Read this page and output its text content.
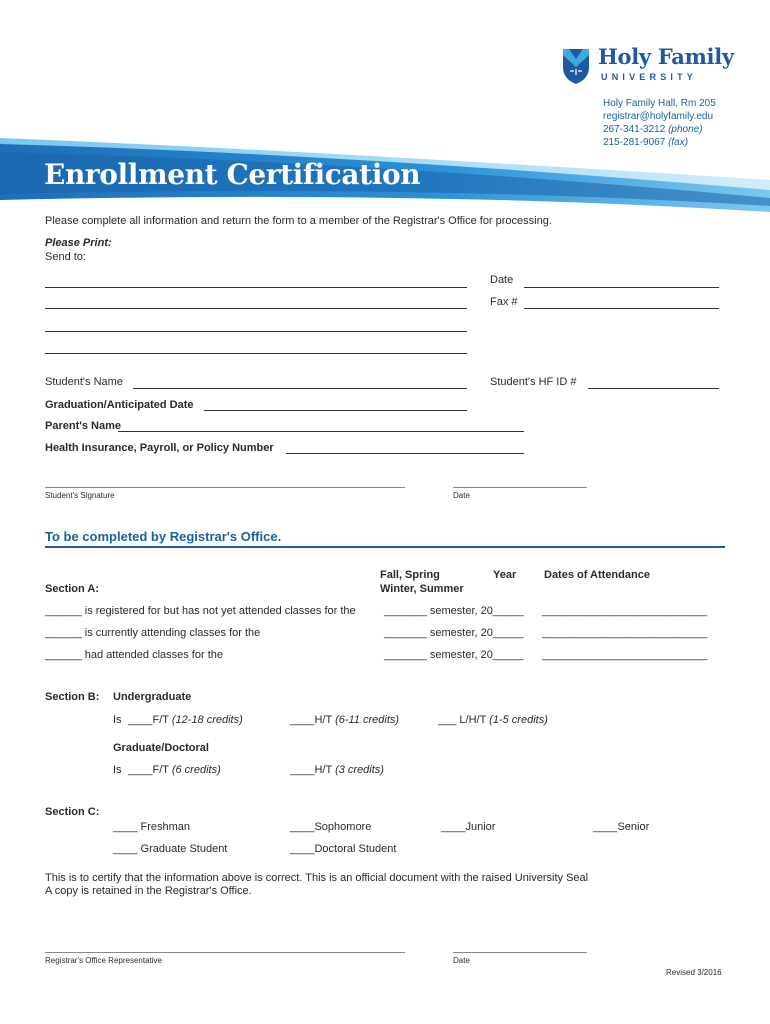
Holy Family
UNIVERSITY
Holy Family Hall, Rm 205
registrar@holyfamily.edu
267-341-3212 (phone)
215-281-9067 (fax)
Enrollment Certification
Please complete all information and return the form to a member of the Registrar's Office for processing.
Please Print:
Send to:
Date
Fax #
Student's Name	Student's HF ID #
Graduation/Anticipated Date
Parent's Name
Health Insurance, Payroll, or Policy Number
Student's Signature	Date
To be completed by Registrar's Office.
Fall, Spring
Winter, Summer
Year	Dates of Attendance
Section A:
______ is registered for but has not yet attended classes for the	_______ semester, 20_____ ___________________________
______ is currently attending classes for the	_______ semester, 20_____ ___________________________
______ had attended classes for the	_______ semester, 20_____ ___________________________
Section B: Undergraduate
Is ____F/T (12-18 credits)	____H/T (6-11 credits)	___ L/H/T (1-5 credits)
Graduate/Doctoral
Is ____F/T (6 credits)	____H/T (3 credits)
Section C:
____ Freshman	____Sophomore	____Junior	____Senior
____ Graduate Student	____Doctoral Student
This is to certify that the information above is correct. This is an official document with the raised University Seal
A copy is retained in the Registrar's Office.
Registrar's Office Representative	Date
Revised 3/2016
